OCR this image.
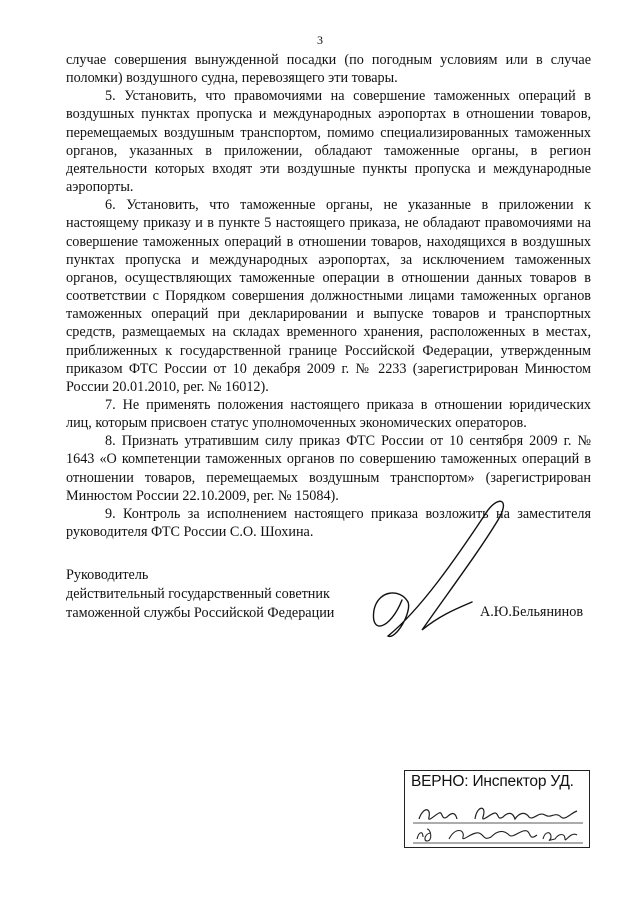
3

случае совершения вынужденной посадки (по погодным условиям или в случае поломки) воздушного судна, перевозящего эти товары.

5. Установить, что правомочиями на совершение таможенных операций в воздушных пунктах пропуска и международных аэропортах в отношении товаров, перемещаемых воздушным транспортом, помимо специализированных таможенных органов, указанных в приложении, обладают таможенные органы, в регион деятельности которых входят эти воздушные пункты пропуска и международные аэропорты.

6. Установить, что таможенные органы, не указанные в приложении к настоящему приказу и в пункте 5 настоящего приказа, не обладают правомочиями на совершение таможенных операций в отношении товаров, находящихся в воздушных пунктах пропуска и международных аэропортах, за исключением таможенных органов, осуществляющих таможенные операции в отношении данных товаров в соответствии с Порядком совершения должностными лицами таможенных органов таможенных операций при декларировании и выпуске товаров и транспортных средств, размещаемых на складах временного хранения, расположенных в местах, приближенных к государственной границе Российской Федерации, утвержденным приказом ФТС России от 10 декабря 2009 г. № 2233 (зарегистрирован Минюстом России 20.01.2010, рег. № 16012).

7. Не применять положения настоящего приказа в отношении юридических лиц, которым присвоен статус уполномоченных экономических операторов.

8. Признать утратившим силу приказ ФТС России от 10 сентября 2009 г. № 1643 «О компетенции таможенных органов по совершению таможенных операций в отношении товаров, перемещаемых воздушным транспортом» (зарегистрирован Минюстом России 22.10.2009, рег. № 15084).

9. Контроль за исполнением настоящего приказа возложить на заместителя руководителя ФТС России С.О. Шохина.

Руководитель
действительный государственный советник
таможенной службы Российской Федерации	А.Ю.Бельянинов
ВЕРНО: Инспектор УД.
